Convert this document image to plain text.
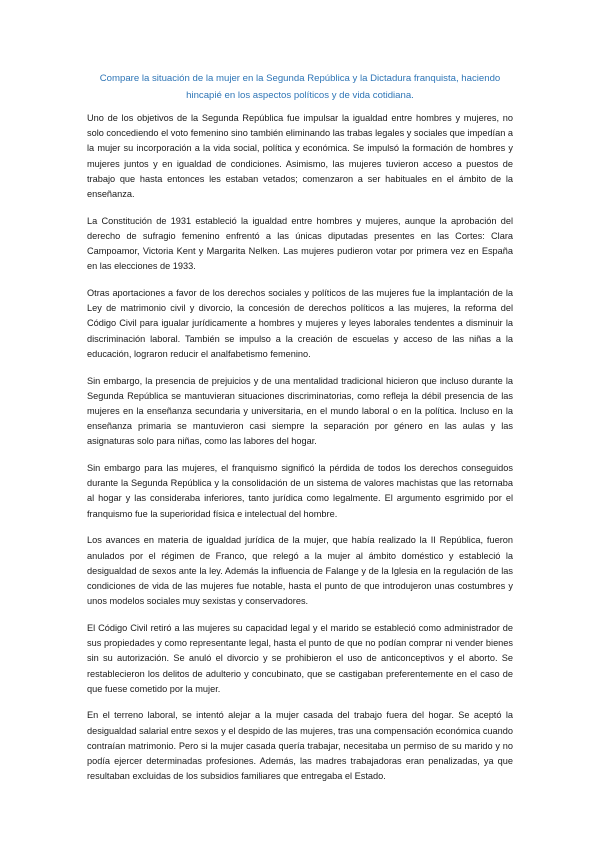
Compare la situación de la mujer en la Segunda República y la Dictadura franquista, haciendo hincapié en los aspectos políticos y de vida cotidiana.

Uno de los objetivos de la Segunda República fue impulsar la igualdad entre hombres y mujeres, no solo concediendo el voto femenino sino también eliminando las trabas legales y sociales que impedían a la mujer su incorporación a la vida social, política y económica. Se impulsó la formación de hombres y mujeres juntos y en igualdad de condiciones. Asimismo, las mujeres tuvieron acceso a puestos de trabajo que hasta entonces les estaban vetados; comenzaron a ser habituales en el ámbito de la enseñanza.

La Constitución de 1931 estableció la igualdad entre hombres y mujeres, aunque la aprobación del derecho de sufragio femenino enfrentó a las únicas diputadas presentes en las Cortes: Clara Campoamor, Victoria Kent y Margarita Nelken. Las mujeres pudieron votar por primera vez en España en las elecciones de 1933.

Otras aportaciones a favor de los derechos sociales y políticos de las mujeres fue la implantación de la Ley de matrimonio civil y divorcio, la concesión de derechos políticos a las mujeres, la reforma del Código Civil para igualar jurídicamente a hombres y mujeres y leyes laborales tendentes a disminuir la discriminación laboral. También se impulso a la creación de escuelas y acceso de las niñas a la educación, lograron reducir el analfabetismo femenino.

Sin embargo, la presencia de prejuicios y de una mentalidad tradicional hicieron que incluso durante la Segunda República se mantuvieran situaciones discriminatorias, como refleja la débil presencia de las mujeres en la enseñanza secundaria y universitaria, en el mundo laboral o en la política. Incluso en la enseñanza primaria se mantuvieron casi siempre la separación por género en las aulas y las asignaturas solo para niñas, como las labores del hogar.

Sin embargo para las mujeres, el franquismo significó la pérdida de todos los derechos conseguidos durante la Segunda República y la consolidación de un sistema de valores machistas que las retornaba al hogar y las consideraba inferiores, tanto jurídica como legalmente. El argumento esgrimido por el franquismo fue la superioridad física e intelectual del hombre.

Los avances en materia de igualdad jurídica de la mujer, que había realizado la II República, fueron anulados por el régimen de Franco, que relegó a la mujer al ámbito doméstico y estableció la desigualdad de sexos ante la ley. Además la influencia de Falange y de la Iglesia en la regulación de las condiciones de vida de las mujeres fue notable, hasta el punto de que introdujeron unas costumbres y unos modelos sociales muy sexistas y conservadores.

El Código Civil retiró a las mujeres su capacidad legal y el marido se estableció como administrador de sus propiedades y como representante legal, hasta el punto de que no podían comprar ni vender bienes sin su autorización. Se anuló el divorcio y se prohibieron el uso de anticonceptivos y el aborto. Se restablecieron los delitos de adulterio y concubinato, que se castigaban preferentemente en el caso de que fuese cometido por la mujer.

En el terreno laboral, se intentó alejar a la mujer casada del trabajo fuera del hogar. Se aceptó la desigualdad salarial entre sexos y el despido de las mujeres, tras una compensación económica cuando contraían matrimonio. Pero si la mujer casada quería trabajar, necesitaba un permiso de su marido y no podía ejercer determinadas profesiones. Además, las madres trabajadoras eran penalizadas, ya que resultaban excluidas de los subsidios familiares que entregaba el Estado.
